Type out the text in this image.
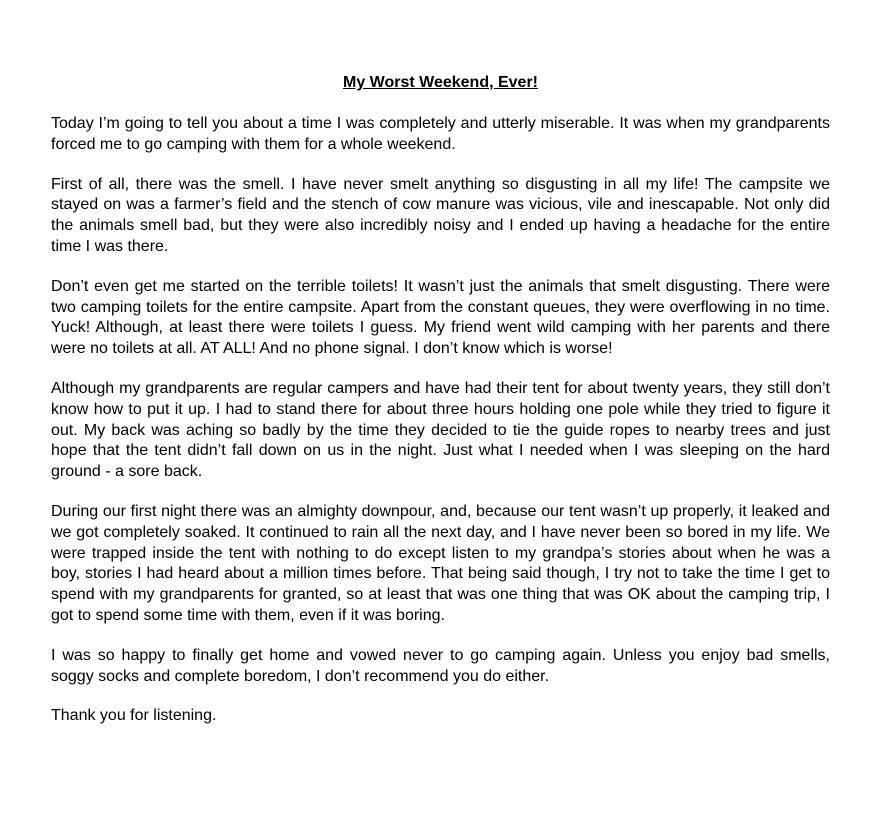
My Worst Weekend, Ever!

Today I’m going to tell you about a time I was completely and utterly miserable. It was when my grandparents forced me to go camping with them for a whole weekend.

First of all, there was the smell. I have never smelt anything so disgusting in all my life! The campsite we stayed on was a farmer’s field and the stench of cow manure was vicious, vile and inescapable. Not only did the animals smell bad, but they were also incredibly noisy and I ended up having a headache for the entire time I was there.

Don’t even get me started on the terrible toilets! It wasn’t just the animals that smelt disgusting. There were two camping toilets for the entire campsite. Apart from the constant queues, they were overflowing in no time. Yuck! Although, at least there were toilets I guess. My friend went wild camping with her parents and there were no toilets at all. AT ALL! And no phone signal. I don’t know which is worse!

Although my grandparents are regular campers and have had their tent for about twenty years, they still don’t know how to put it up. I had to stand there for about three hours holding one pole while they tried to figure it out. My back was aching so badly by the time they decided to tie the guide ropes to nearby trees and just hope that the tent didn’t fall down on us in the night. Just what I needed when I was sleeping on the hard ground - a sore back.

During our first night there was an almighty downpour, and, because our tent wasn’t up properly, it leaked and we got completely soaked. It continued to rain all the next day, and I have never been so bored in my life. We were trapped inside the tent with nothing to do except listen to my grandpa’s stories about when he was a boy, stories I had heard about a million times before. That being said though, I try not to take the time I get to spend with my grandparents for granted, so at least that was one thing that was OK about the camping trip, I got to spend some time with them, even if it was boring.

I was so happy to finally get home and vowed never to go camping again. Unless you enjoy bad smells, soggy socks and complete boredom, I don’t recommend you do either.

Thank you for listening.
